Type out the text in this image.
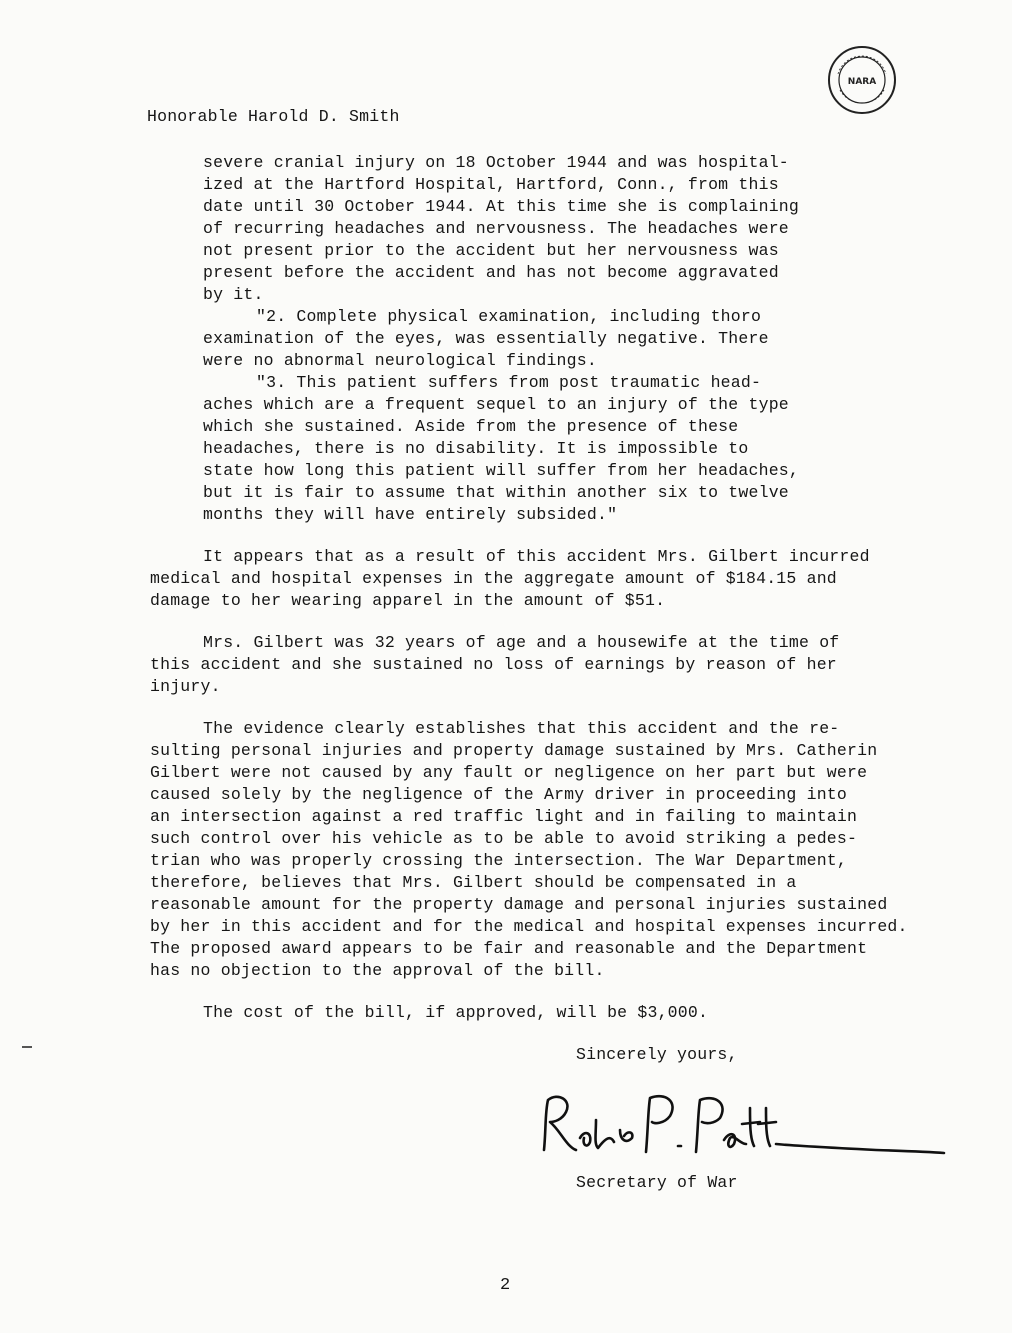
NARA
Honorable Harold D. Smith
severe cranial injury on 18 October 1944 and was hospital-
ized at the Hartford Hospital, Hartford, Conn., from this
date until 30 October 1944. At this time she is complaining
of recurring headaches and nervousness. The headaches were
not present prior to the accident but her nervousness was
present before the accident and has not become aggravated
by it.
"2. Complete physical examination, including thoro
examination of the eyes, was essentially negative. There
were no abnormal neurological findings.
"3. This patient suffers from post traumatic head-
aches which are a frequent sequel to an injury of the type
which she sustained. Aside from the presence of these
headaches, there is no disability. It is impossible to
state how long this patient will suffer from her headaches,
but it is fair to assume that within another six to twelve
months they will have entirely subsided."
It appears that as a result of this accident Mrs. Gilbert incurred
medical and hospital expenses in the aggregate amount of $184.15 and
damage to her wearing apparel in the amount of $51.
Mrs. Gilbert was 32 years of age and a housewife at the time of
this accident and she sustained no loss of earnings by reason of her
injury.
The evidence clearly establishes that this accident and the re-
sulting personal injuries and property damage sustained by Mrs. Catherin
Gilbert were not caused by any fault or negligence on her part but were
caused solely by the negligence of the Army driver in proceeding into
an intersection against a red traffic light and in failing to maintain
such control over his vehicle as to be able to avoid striking a pedes-
trian who was properly crossing the intersection. The War Department,
therefore, believes that Mrs. Gilbert should be compensated in a
reasonable amount for the property damage and personal injuries sustained
by her in this accident and for the medical and hospital expenses incurred.
The proposed award appears to be fair and reasonable and the Department
has no objection to the approval of the bill.
The cost of the bill, if approved, will be $3,000.
Sincerely yours,
Secretary of War
2
